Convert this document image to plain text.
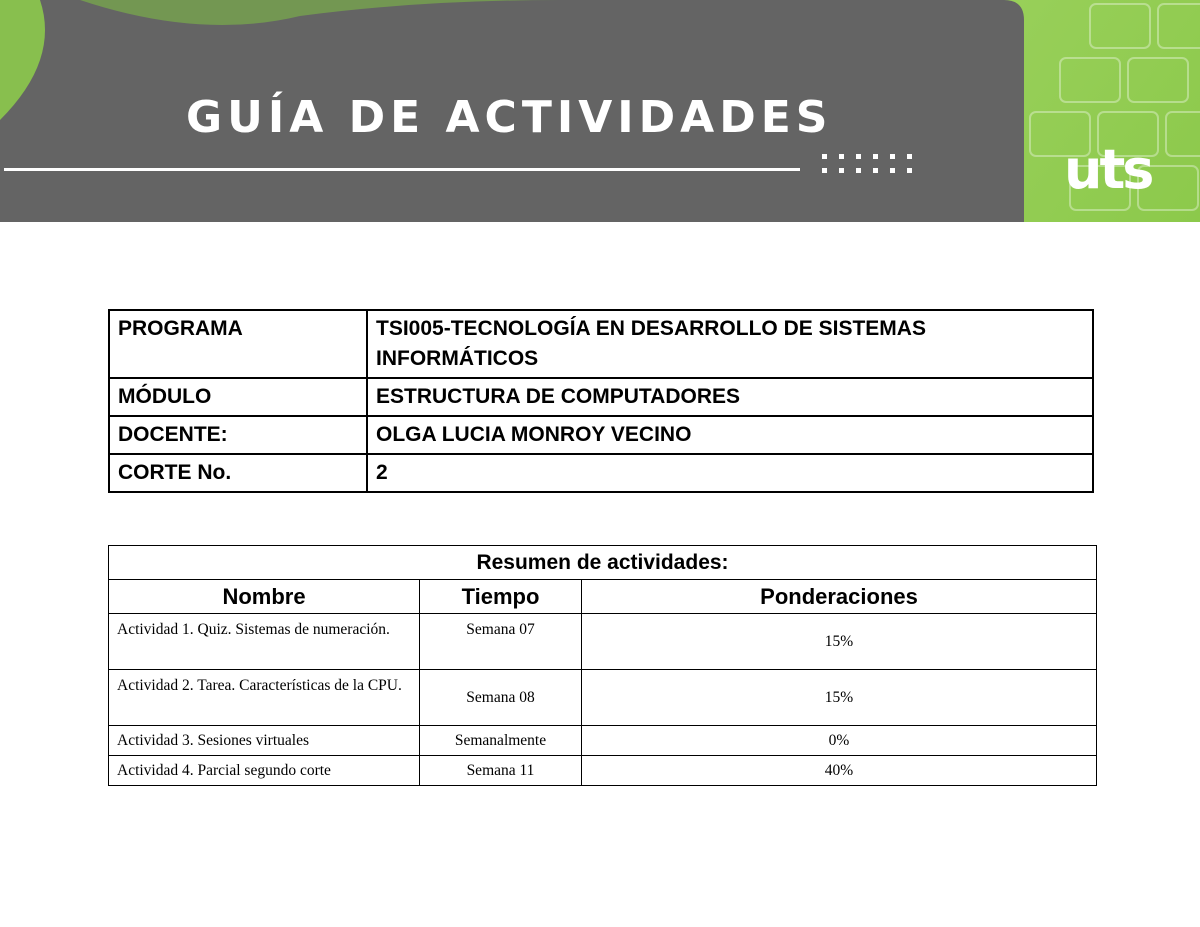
GUÍA DE ACTIVIDADES
uts
PROGRAMA	TSI005-TECNOLOGÍA EN DESARROLLO DE SISTEMAS INFORMÁTICOS
MÓDULO	ESTRUCTURA DE COMPUTADORES
DOCENTE:	OLGA LUCIA MONROY VECINO
CORTE No.	2
Resumen de actividades:		
Nombre	Tiempo	Ponderaciones
Actividad 1. Quiz. Sistemas de numeración.	Semana 07	15%
Actividad 2. Tarea. Características de la CPU.	Semana 08	15%
Actividad 3. Sesiones virtuales	Semanalmente	0%
Actividad 4. Parcial segundo corte	Semana 11	40%
